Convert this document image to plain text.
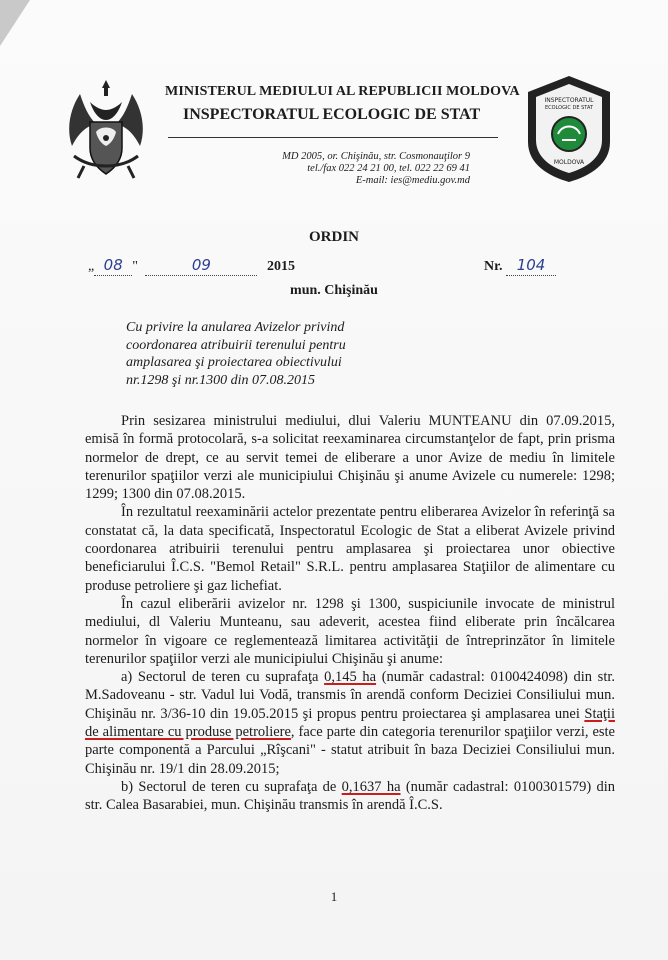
INSPECTORATUL
ECOLOGIC DE STAT
MOLDOVA
MINISTERUL MEDIULUI AL REPUBLICII MOLDOVA
INSPECTORATUL ECOLOGIC DE STAT
MD 2005, or. Chişinău, str. Cosmonauţilor 9
tel./fax 022 24 21 00, tel. 022 22 69 41
E-mail: ies@mediu.gov.md
ORDIN
„ 08 "	09	2015	Nr. 104
mun. Chişinău
Cu privire la anularea Avizelor privind
coordonarea atribuirii terenului pentru
amplasarea şi proiectarea obiectivului
nr.1298 şi nr.1300 din 07.08.2015

Prin sesizarea ministrului mediului, dlui Valeriu MUNTEANU din 07.09.2015, emisă în formă protocolară, s-a solicitat reexaminarea circumstanţelor de fapt, prin prisma normelor de drept, ce au servit temei de eliberare a unor Avize de mediu în limitele terenurilor spaţiilor verzi ale municipiului Chişinău şi anume Avizele cu numerele: 1298; 1299; 1300 din 07.08.2015.

În rezultatul reexaminării actelor prezentate pentru eliberarea Avizelor în referinţă sa constatat că, la data specificată, Inspectoratul Ecologic de Stat a eliberat Avizele privind coordonarea atribuirii terenului pentru amplasarea şi proiectarea unor obiective beneficiarului Î.C.S. "Bemol Retail" S.R.L. pentru amplasarea Staţiilor de alimentare cu produse petroliere şi gaz lichefiat.

În cazul eliberării avizelor nr. 1298 şi 1300, suspiciunile invocate de ministrul mediului, dl Valeriu Munteanu, sau adeverit, acestea fiind eliberate prin încălcarea normelor în vigoare ce reglementează limitarea activităţii de întreprinzător în limitele terenurilor spaţiilor verzi ale municipiului Chişinău şi anume:

a) Sectorul de teren cu suprafaţa 0,145 ha (număr cadastral: 0100424098) din str. M.Sadoveanu - str. Vadul lui Vodă, transmis în arendă conform Deciziei Consiliului mun. Chişinău nr. 3/36-10 din 19.05.2015 şi propus pentru proiectarea şi amplasarea unei Staţii de alimentare cu produse petroliere, face parte din categoria terenurilor spaţiilor verzi, este parte componentă a Parcului „Rîşcani" - statut atribuit în baza Deciziei Consiliului mun. Chişinău nr. 19/1 din 28.09.2015;

b) Sectorul de teren cu suprafaţa de 0,1637 ha (număr cadastral: 0100301579) din str. Calea Basarabiei, mun. Chişinău transmis în arendă Î.C.S.

1
